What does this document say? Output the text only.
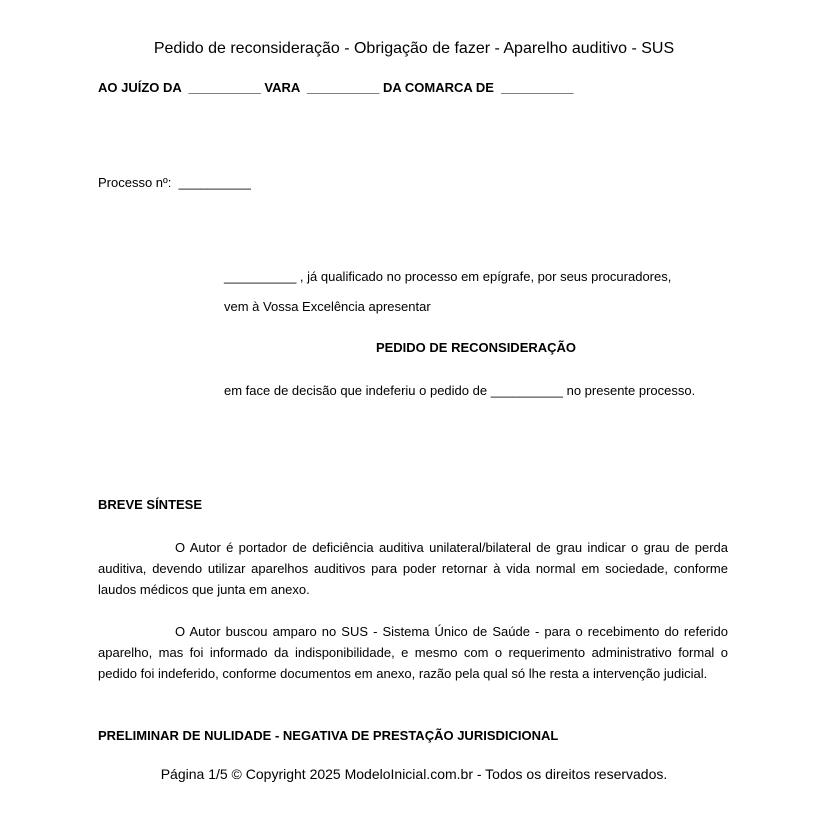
Pedido de reconsideração - Obrigação de fazer - Aparelho auditivo - SUS
AO JUÍZO DA  __________ VARA  __________ DA COMARCA DE  __________
Processo nº:  __________
__________ , já qualificado no processo em epígrafe, por seus procuradores,
vem à Vossa Excelência apresentar
PEDIDO DE RECONSIDERAÇÃO
em face de decisão que indeferiu o pedido de __________ no presente processo.
BREVE SÍNTESE
O Autor é portador de deficiência auditiva unilateral/bilateral de grau indicar o grau de perda auditiva, devendo utilizar aparelhos auditivos para poder retornar à vida normal em sociedade, conforme laudos médicos que junta em anexo.
O Autor buscou amparo no SUS - Sistema Único de Saúde - para o recebimento do referido aparelho, mas foi informado da indisponibilidade, e mesmo com o requerimento administrativo formal o pedido foi indeferido, conforme documentos em anexo, razão pela qual só lhe resta a intervenção judicial.
PRELIMINAR DE NULIDADE - NEGATIVA DE PRESTAÇÃO JURISDICIONAL
Página 1/5 © Copyright 2025 ModeloInicial.com.br - Todos os direitos reservados.
